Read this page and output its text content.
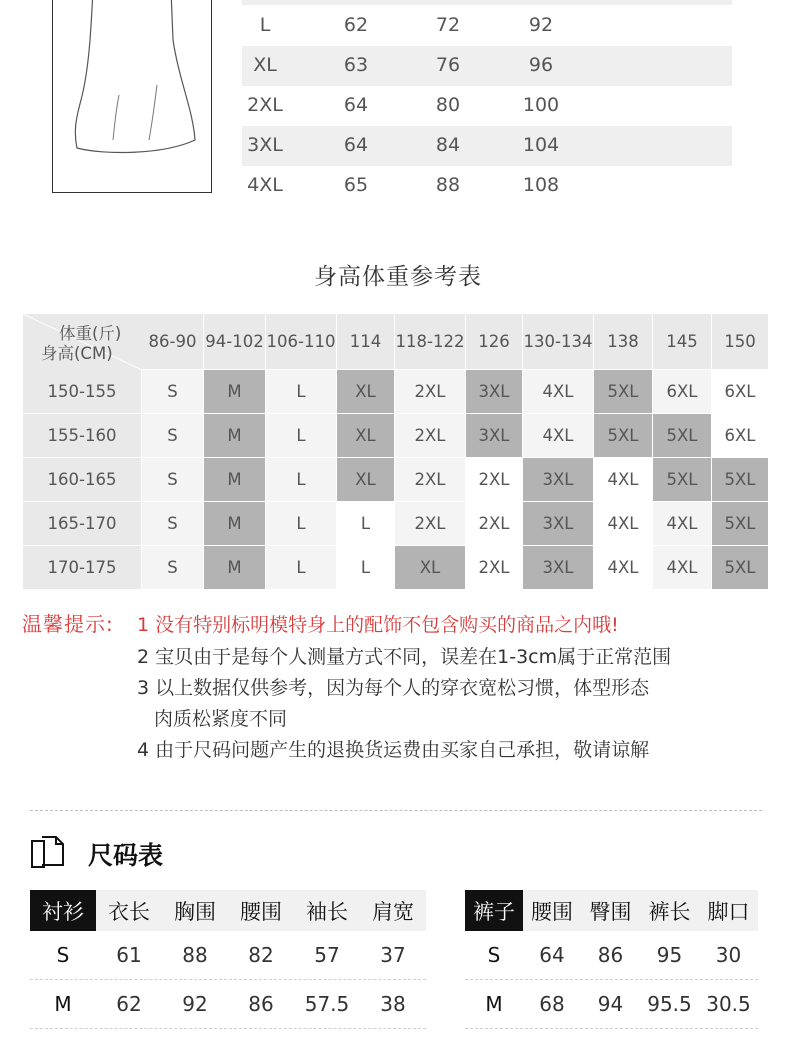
L	62	72	92
XL	63	76	96
2XL	64	80	100
3XL	64	84	104
4XL	65	88	108
身高体重参考表
体重(斤)
身高(CM)
86-90 94-102 106-110 114 118-122 126 130-134 138	145	150
150-155	S	M	L	XL	2XL	3XL	4XL	5XL	6XL	6XL
155-160	S	M	L	XL	2XL	3XL	4XL	5XL	5XL	6XL
160-165	S	M	L	XL	2XL	2XL	3XL	4XL	5XL	5XL
165-170	S	M	L	L	2XL	2XL	3XL	4XL	4XL	5XL
170-175	S	M	L	L	XL	2XL	3XL	4XL	4XL	5XL
温馨提示: 1 没有特别标明模特身上的配饰不包含购买的商品之内哦!
2 宝贝由于是每个人测量方式不同，误差在1-3cm属于正常范围
3 以上数据仅供参考，因为每个人的穿衣宽松习惯，体型形态
肉质松紧度不同
4 由于尺码问题产生的退换货运费由买家自己承担，敬请谅解
尺码表
衬衫	衣长	胸围	腰围	袖长	肩宽
S	61	88	82	57	37
M	62	92	86	57.5	38
裤子 腰围 臀围 裤长 脚口
S	64	86	95	30
M	68	94	95.5 30.5
